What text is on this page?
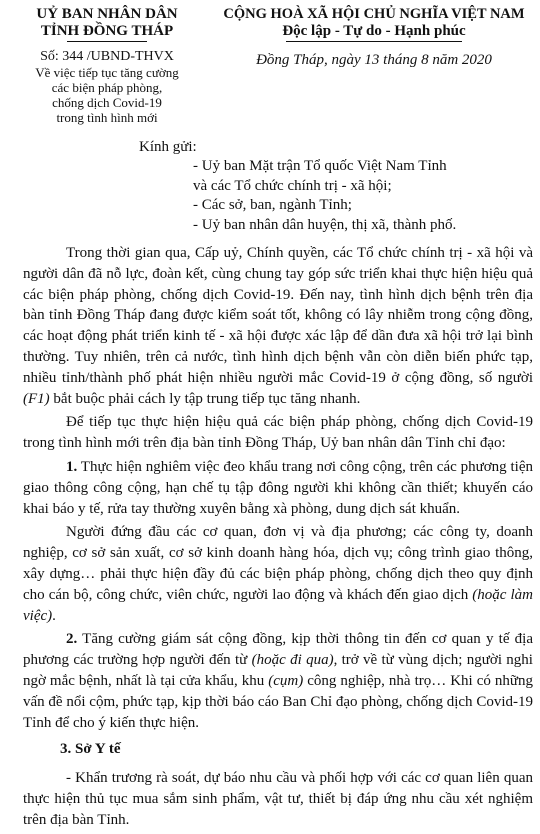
UỶ BAN NHÂN DÂN
TỈNH ĐỒNG THÁP
Số: 344 /UBND-THVX
Về việc tiếp tục tăng cường
các biện pháp phòng,
chống dịch Covid-19
trong tình hình mới
CỘNG HOÀ XÃ HỘI CHỦ NGHĨA VIỆT NAM
Độc lập - Tự do - Hạnh phúc
Đồng Tháp, ngày 13 tháng 8 năm 2020
Kính gửi:
- Uỷ ban Mặt trận Tổ quốc Việt Nam Tỉnh
và các Tổ chức chính trị - xã hội;
- Các sở, ban, ngành Tỉnh;
- Uỷ ban nhân dân huyện, thị xã, thành phố.

Trong thời gian qua, Cấp uỷ, Chính quyền, các Tổ chức chính trị - xã hội và người dân đã nỗ lực, đoàn kết, cùng chung tay góp sức triển khai thực hiện hiệu quả các biện pháp phòng, chống dịch Covid-19. Đến nay, tình hình dịch bệnh trên địa bàn tỉnh Đồng Tháp đang được kiểm soát tốt, không có lây nhiễm trong cộng đồng, các hoạt động phát triển kinh tế - xã hội được xác lập để dần đưa xã hội trở lại bình thường. Tuy nhiên, trên cả nước, tình hình dịch bệnh vẫn còn diễn biến phức tạp, nhiều tỉnh/thành phố phát hiện nhiều người mắc Covid-19 ở cộng đồng, số người (F1) bắt buộc phải cách ly tập trung tiếp tục tăng nhanh.

Để tiếp tục thực hiện hiệu quả các biện pháp phòng, chống dịch Covid-19 trong tình hình mới trên địa bàn tỉnh Đồng Tháp, Uỷ ban nhân dân Tỉnh chỉ đạo:

1. Thực hiện nghiêm việc đeo khẩu trang nơi công cộng, trên các phương tiện giao thông công cộng, hạn chế tụ tập đông người khi không cần thiết; khuyến cáo khai báo y tế, rửa tay thường xuyên bằng xà phòng, dung dịch sát khuẩn.

Người đứng đầu các cơ quan, đơn vị và địa phương; các công ty, doanh nghiệp, cơ sở sản xuất, cơ sở kinh doanh hàng hóa, dịch vụ; công trình giao thông, xây dựng… phải thực hiện đầy đủ các biện pháp phòng, chống dịch theo quy định cho cán bộ, công chức, viên chức, người lao động và khách đến giao dịch (hoặc làm việc).

2. Tăng cường giám sát cộng đồng, kịp thời thông tin đến cơ quan y tế địa phương các trường hợp người đến từ (hoặc đi qua), trở về từ vùng dịch; người nghi ngờ mắc bệnh, nhất là tại cửa khẩu, khu (cụm) công nghiệp, nhà trọ… Khi có những vấn đề nổi cộm, phức tạp, kịp thời báo cáo Ban Chỉ đạo phòng, chống dịch Covid-19 Tỉnh để cho ý kiến thực hiện.

3. Sở Y tế

- Khẩn trương rà soát, dự báo nhu cầu và phối hợp với các cơ quan liên quan thực hiện thủ tục mua sắm sinh phẩm, vật tư, thiết bị đáp ứng nhu cầu xét nghiệm trên địa bàn Tỉnh.
